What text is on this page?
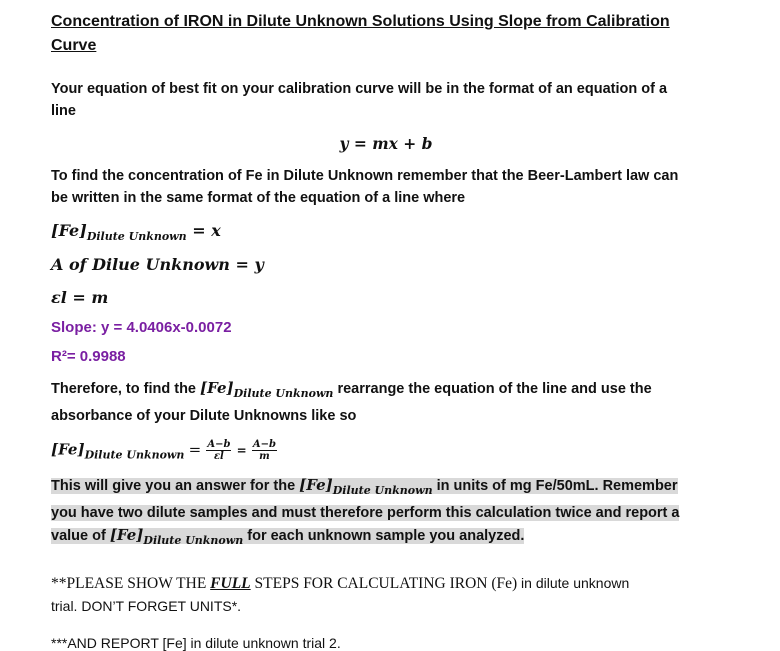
Concentration of IRON in Dilute Unknown Solutions Using Slope from Calibration
Curve

Your equation of best fit on your calibration curve will be in the format of an equation of a
line

y = mx + b

To find the concentration of Fe in Dilute Unknown remember that the Beer-Lambert law can
be written in the same format of the equation of a line where

$[Fe]_{Dilute Unknown} = x$
A of Dilue Unknown = y
εl = m
Slope: y = 4.0406x-0.0072
R²= 0.9988

Therefore, to find the $[Fe]_{Dilute Unknown}$ rearrange the equation of the line and use the
absorbance of your Dilute Unknowns like so

$[Fe]_{Dilute Unknown} = \frac{A-b}{\varepsilon l} = \frac{A-b}{m}$

This will give you an answer for the $[Fe]_{Dilute Unknown}$ in units of mg Fe/50mL. Remember
you have two dilute samples and must therefore perform this calculation twice and report a
value of $[Fe]_{Dilute Unknown}$ for each unknown sample you analyzed.

**PLEASE SHOW THE FULL STEPS FOR CALCULATING IRON (Fe) in dilute unknown
trial. DON’T FORGET UNITS*.

***AND REPORT [Fe] in dilute unknown trial 2.
